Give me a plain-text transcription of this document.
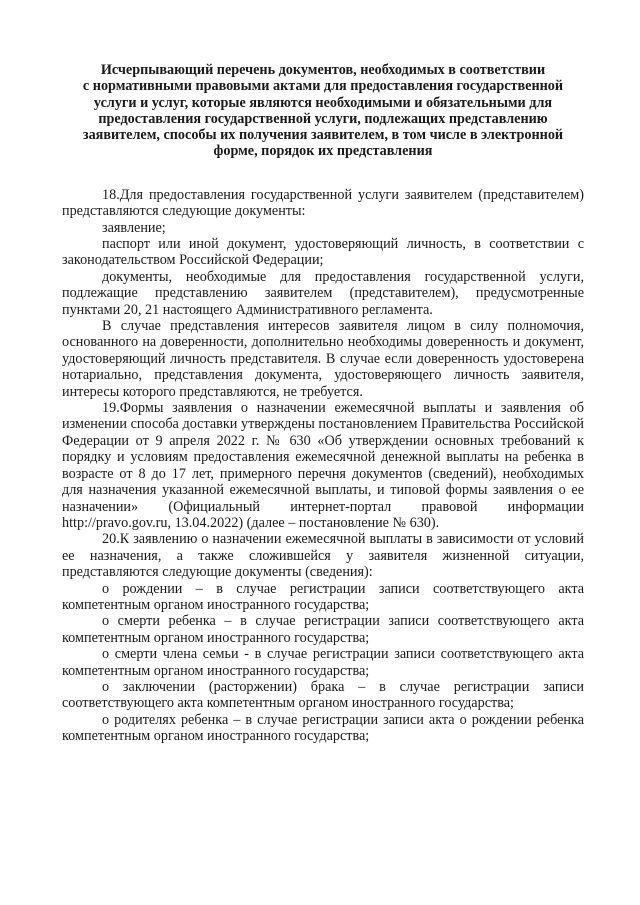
Исчерпывающий перечень документов, необходимых в соответствии
с нормативными правовыми актами для предоставления государственной
услуги и услуг, которые являются необходимыми и обязательными для
предоставления государственной услуги, подлежащих представлению
заявителем, способы их получения заявителем, в том числе в электронной
форме, порядок их представления

18.Для предоставления государственной услуги заявителем (представителем) представляются следующие документы:

заявление;

паспорт или иной документ, удостоверяющий личность, в соответствии с законодательством Российской Федерации;

документы, необходимые для предоставления государственной услуги, подлежащие представлению заявителем (представителем), предусмотренные пунктами 20, 21 настоящего Административного регламента.

В случае представления интересов заявителя лицом в силу полномочия, основанного на доверенности, дополнительно необходимы доверенность и документ, удостоверяющий личность представителя. В случае если доверенность удостоверена нотариально, представления документа, удостоверяющего личность заявителя, интересы которого представляются, не требуется.

19.Формы заявления о назначении ежемесячной выплаты и заявления об изменении способа доставки утверждены постановлением Правительства Российской Федерации от 9 апреля 2022 г. № 630 «Об утверждении основных требований к порядку и условиям предоставления ежемесячной денежной выплаты на ребенка в возрасте от 8 до 17 лет, примерного перечня документов (сведений), необходимых для назначения указанной ежемесячной выплаты, и типовой формы заявления о ее назначении» (Официальный интернет-портал правовой информации http://pravo.gov.ru, 13.04.2022) (далее – постановление № 630).

20.К заявлению о назначении ежемесячной выплаты в зависимости от условий ее назначения, а также сложившейся у заявителя жизненной ситуации, представляются следующие документы (сведения):

о рождении – в случае регистрации записи соответствующего акта компетентным органом иностранного государства;

о смерти ребенка – в случае регистрации записи соответствующего акта компетентным органом иностранного государства;

о смерти члена семьи - в случае регистрации записи соответствующего акта компетентным органом иностранного государства;

о заключении (расторжении) брака – в случае регистрации записи соответствующего акта компетентным органом иностранного государства;

о родителях ребенка – в случае регистрации записи акта о рождении ребенка компетентным органом иностранного государства;
